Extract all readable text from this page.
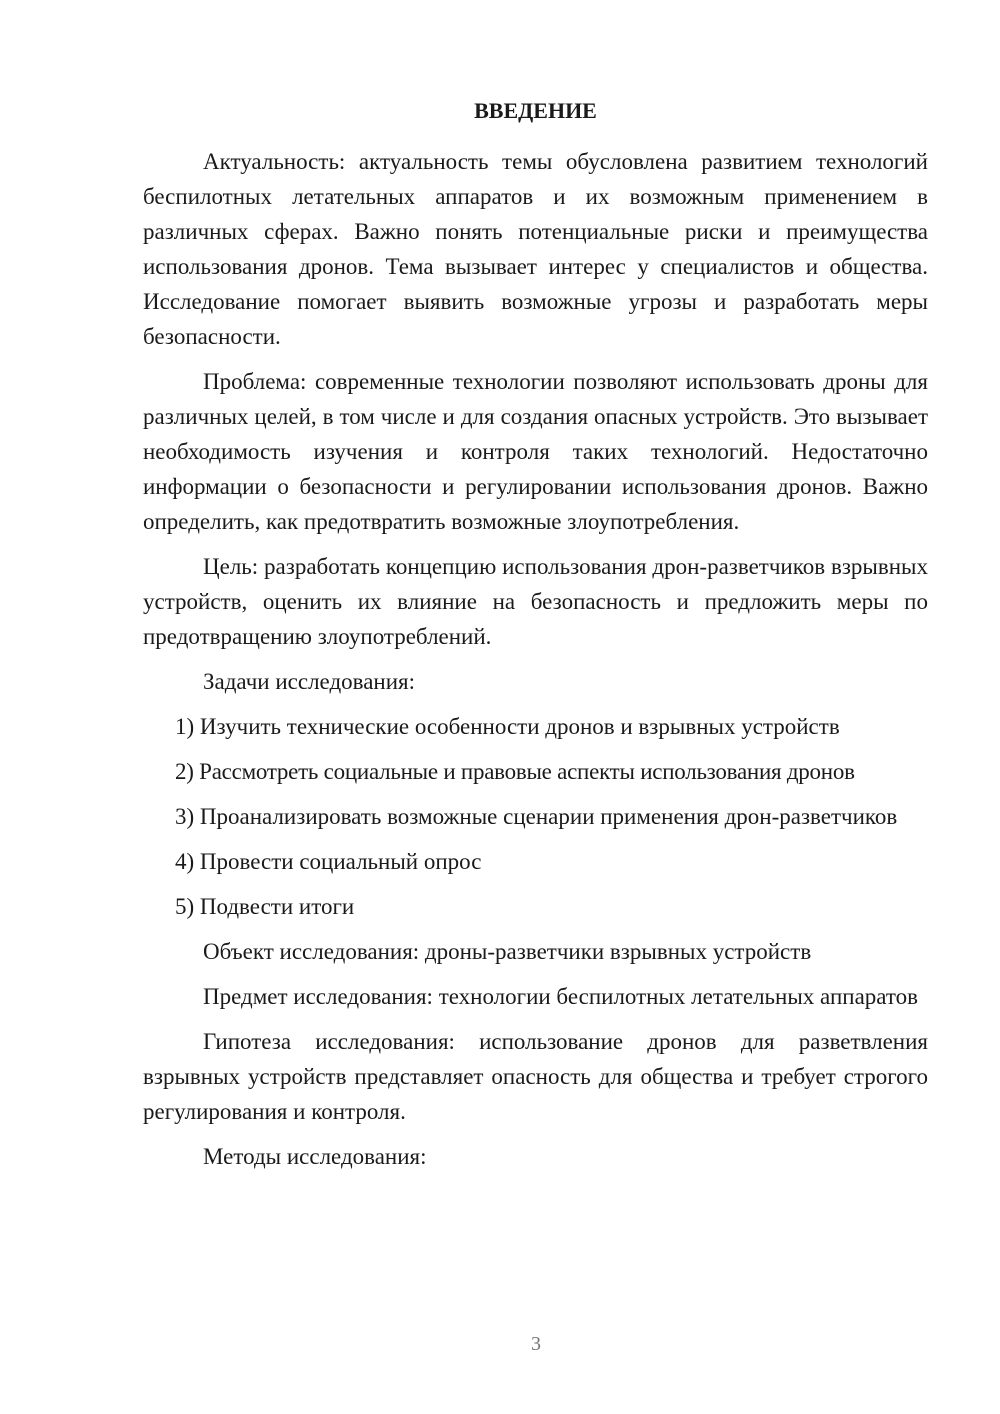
ВВЕДЕНИЕ

Актуальность: актуальность темы обусловлена развитием технологий беспилотных летательных аппаратов и их возможным применением в различных сферах. Важно понять потенциальные риски и преимущества использования дронов. Тема вызывает интерес у специалистов и общества. Исследование помогает выявить возможные угрозы и разработать меры безопасности.

Проблема: современные технологии позволяют использовать дроны для различных целей, в том числе и для создания опасных устройств. Это вызывает необходимость изучения и контроля таких технологий. Недостаточно информации о безопасности и регулировании использования дронов. Важно определить, как предотвратить возможные злоупотребления.

Цель: разработать концепцию использования дрон-разветчиков взрывных устройств, оценить их влияние на безопасность и предложить меры по предотвращению злоупотреблений.

Задачи исследования:

1) Изучить технические особенности дронов и взрывных устройств

2) Рассмотреть социальные и правовые аспекты использования дронов

3) Проанализировать возможные сценарии применения дрон-разветчиков

4) Провести социальный опрос

5) Подвести итоги

Объект исследования: дроны-разветчики взрывных устройств

Предмет исследования: технологии беспилотных летательных аппаратов

Гипотеза исследования: использование дронов для разветвления взрывных устройств представляет опасность для общества и требует строгого регулирования и контроля.

Методы исследования:

3
